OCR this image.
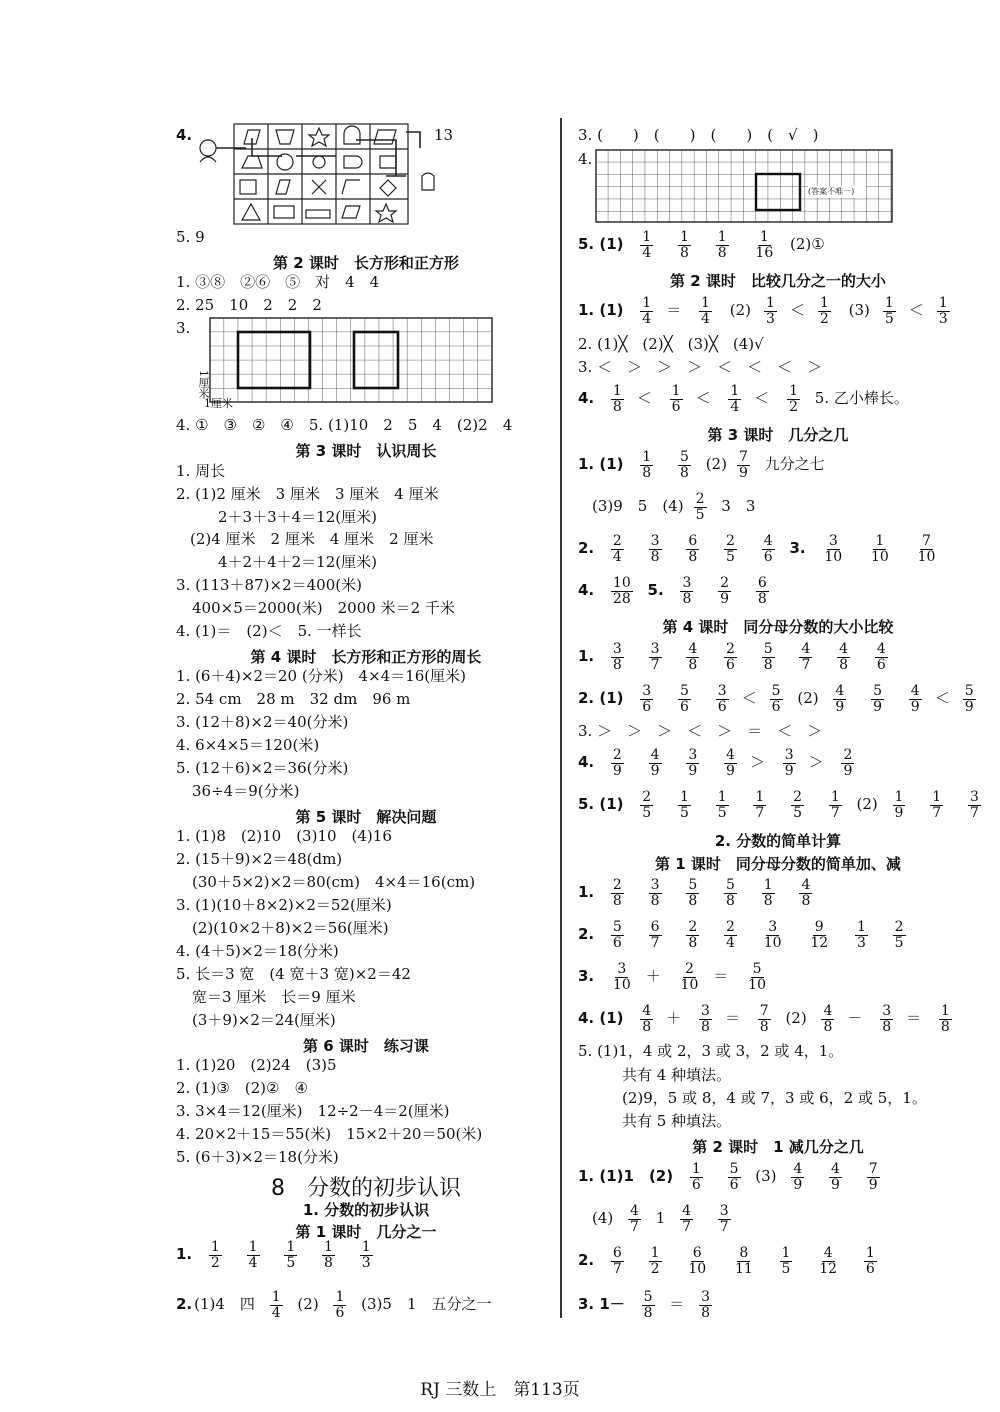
4.	13
5. 9
第 2 课时　长方形和正方形
1. ③⑧　②⑥　⑤　对　4　4
2. 25　10　2　2　2
3.
1厘米
1厘米
4. ①　③　②　④　5. (1)10　2　5　4　(2)2　4
第 3 课时　认识周长
1. 周长
2. (1)2 厘米　3 厘米　3 厘米　4 厘米
2＋3＋3＋4＝12(厘米)
(2)4 厘米　2 厘米　4 厘米　2 厘米
4＋2＋4＋2＝12(厘米)
3. (113＋87)×2＝400(米)
400×5＝2000(米)　2000 米＝2 千米
4. (1)＝　(2)＜　5. 一样长
第 4 课时　长方形和正方形的周长
1. (6＋4)×2＝20 (分米)　4×4＝16(厘米)
2. 54 cm　28 m　32 dm　96 m
3. (12＋8)×2＝40(分米)
4. 6×4×5＝120(米)
5. (12＋6)×2＝36(分米)
36÷4＝9(分米)
第 5 课时　解决问题
1. (1)8　(2)10　(3)10　(4)16
2. (15＋9)×2＝48(dm)
(30＋5×2)×2＝80(cm)　4×4＝16(cm)
3. (1)(10＋8×2)×2＝52(厘米)
(2)(10×2＋8)×2＝56(厘米)
4. (4＋5)×2＝18(分米)
5. 长＝3 宽　(4 宽＋3 宽)×2＝42
宽＝3 厘米　长＝9 厘米
(3＋9)×2＝24(厘米)
第 6 课时　练习课
1. (1)20　(2)24　(3)5
2. (1)③　(2)②　④
3. 3×4＝12(厘米)　12÷2－4＝2(厘米)
4. 20×2＋15＝55(米)　15×2＋20＝50(米)
5. (6＋3)×2＝18(分米)
8　分数的初步认识
1. 分数的初步认识
第 1 课时　几分之一
1. $\frac{1}{2}$
$\frac{1}{4}$
$\frac{1}{5}$
$\frac{1}{8}$
$\frac{1}{3}$
2. (1)4　四 $\frac{1}{4} (2) \frac{1}{6} (3)5$　1　五分之一
3. (　　)　(　　)　(　　)　(　√　)
4.
(答案不唯一)
5. $(1) \frac{1}{4}$
$\frac{1}{8}$
$\frac{1}{8}$
$\frac{1}{16}$ (2)①
第 2 课时　比较几分之一的大小
1. $(1) \frac{1}{4} = \frac{1}{4} (2) \frac{1}{3} < \frac{1}{2} (3) \frac{1}{5} < \frac{1}{3}$
2. (1)╳　(2)╳　(3)╳　(4)√
3. ＜　＞　＞　＞　＜　＜　＜　＞
4. $\frac{1}{8} < \frac{1}{6} < \frac{1}{4} < \frac{1}{2} 5$. 乙小棒长。
第 3 课时　几分之几
1. $(1) \frac{1}{8}$
$\frac{5}{8} (2) \frac{7}{9}$ 九分之七
(3)9　5　$(4) \frac{2}{5} 3$　3
2. $\frac{2}{4}$
$\frac{3}{8}$
$\frac{6}{8}$
$\frac{2}{5}$
$\frac{4}{6} 3$. $\frac{3}{10}$
$\frac{1}{10}$
$\frac{7}{10}$
4. $\frac{10}{28} 5$. $\frac{3}{8}$
$\frac{2}{9}$
$\frac{6}{8}$
第 4 课时　同分母分数的大小比较
1. $\frac{3}{8}$
$\frac{3}{7}$
$\frac{4}{8}$
$\frac{2}{6}$
$\frac{5}{8}$
$\frac{4}{7}$
$\frac{4}{8}$
$\frac{4}{6}$
2. $(1) \frac{3}{6}$
$\frac{5}{6}$
$\frac{3}{6} < \frac{5}{6} (2) \frac{4}{9}$
$\frac{5}{9}$
$\frac{4}{9} < \frac{5}{9}$
3. ＞　＞　＞　＜　＞　＝　＜　＞
4. $\frac{2}{9}$
$\frac{4}{9}$
$\frac{3}{9}$
$\frac{4}{9} > \frac{3}{9} > \frac{2}{9}$
5. $(1) \frac{2}{5}$
$\frac{1}{5}$
$\frac{1}{5}$
$\frac{1}{7}$
$\frac{2}{5}$
$\frac{1}{7} (2) \frac{1}{9}$
$\frac{1}{7}$
$\frac{3}{7}$
2. 分数的简单计算
第 1 课时　同分母分数的简单加、减
1. $\frac{2}{8}$
$\frac{3}{8}$
$\frac{5}{8}$
$\frac{5}{8}$
$\frac{1}{8}$
$\frac{4}{8}$
2. $\frac{5}{6}$
$\frac{6}{7}$
$\frac{2}{8}$
$\frac{2}{4}$
$\frac{3}{10}$
$\frac{9}{12}$
$\frac{1}{3}$
$\frac{2}{5}$
3. $\frac{3}{10} + \frac{2}{10} = \frac{5}{10}$
4. $(1) \frac{4}{8} + \frac{3}{8} = \frac{7}{8} (2) \frac{4}{8} - \frac{3}{8} = \frac{1}{8}$
5. (1)1，4 或 2，3 或 3，2 或 4，1。
共有 4 种填法。
(2)9，5 或 8，4 或 7，3 或 6，2 或 5，1。
共有 5 种填法。
第 2 课时　1 减几分之几
1. (1)1　$(2) \frac{1}{6}$
$\frac{5}{6} (3) \frac{4}{9}$
$\frac{4}{9}$
$\frac{7}{9}$
$(4) \frac{4}{7} 1 \frac{4}{7}$
$\frac{3}{7}$
2. $\frac{6}{7}$
$\frac{1}{2}$
$\frac{6}{10}$
$\frac{8}{11}$
$\frac{1}{5}$
$\frac{4}{12}$
$\frac{1}{6}$
3. $1- \frac{5}{8} = \frac{3}{8}$
RJ 三数上　第113页
